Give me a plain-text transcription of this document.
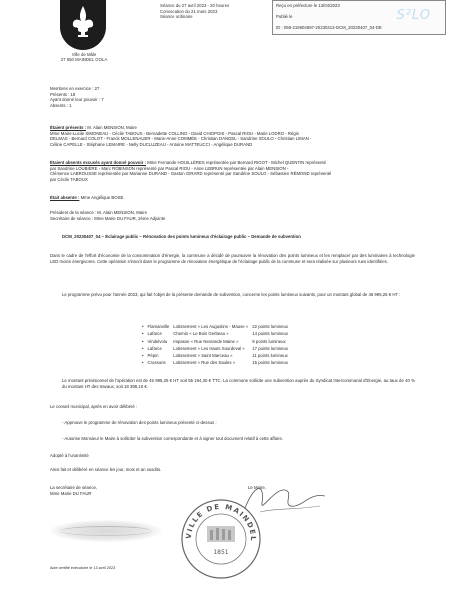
Ville de Mâle
27 650 MAINDEL GOLA
Séance du 27 avril 2023 - 20 heures
Convocation du 21 mars 2023
Séance ordinaire
Reçu en préfecture le 13/04/2023
Publié le
ID : 059-215904897-20230413-DCM_20230407_04-DE
S²LO
Membres en exercice : 27
Présents : 18
Ayant donné leur pouvoir : 7
Absents : 1
Étaient présents : M. Alain MENSION, Maire
Mme Maire-Lucile SIMONEAU - Cécile TABOUX - Bernadette COLLINO - David CHIOPOIS - Pascal RIOU - Marie LODRO - Régis
DELMAS - Bernard COLOT - Franck MOLLENAUER - Marie-Anne COMMÉE - Christian DANGEL - Sandrine SOULO - Christian LIMAN -
Céline CAPELLE - Stéphane LEMAIRE - Nelly DUCLUZEAU - Antoine MATTEUCCI - Angélique DURAND
Étaient absents excusés ayant donné pouvoir : Mme Fernande HOUILLÈRES représentée par Bernard RIGOT - Michel QUENTIN représenté
par Sandrine LOUBIÈRE - Marc ROBINSON représenté par Pascal RIOU - Anne LEBRUN représentée par Alain MENSION -
Clémence LABROUSSE représentée par Marianne DURAND - Gaston GIRARD représenté par Sandrine SOULO - Sébastien RÉMOND représenté
par Cécile TABOUX
Était absente : Mme Angélique BOSE.
Président de la séance : M. Alain MENSION, Maire
Secrétaire de séance : Mme Marie DU FAUR, 2ème Adjointe
DCM_20230407_04 – Éclairage public – Rénovation des points lumineux d'éclairage public – Demande de subvention
Dans le cadre de l'effort d'économie de la consommation d'énergie, la commune a décidé de poursuivre la rénovation des points lumineux et les remplacer par des luminaires à technologie LED moins énergivores. Cette opération s'inscrit dans le programme de rénovation énergétique de l'éclairage public de la commune et sera réalisée sur plusieurs rues identifiées.
Le programme prévu pour l'année 2023, qui fait l'objet de la présente demande de subvention, concerne les points lumineux suivants, pour un montant global de 45 995,25 € HT :
•	Flamanville	Lotissement « Les Augustins - Mauve »	22 points lumineux
•	Lafarce	Chemin « Le Bois Gerbeau »	14 points lumineux
•	Vindelvolu	Impasse « Rue Nevrande Maine »	9 points lumineux
•	Lafarce	Lotissement « Les Hauts Sourdeval »	17 points lumineux
•	Pépin	Lotissement « Saint Marceau »	11 points lumineux
•	Crossons	Lotissement « Rue des Saules »	15 points lumineux
Le montant prévisionnel de l'opération est de 45 995,25 € HT soit 55 194,30 € TTC. La commune sollicite une subvention auprès du Syndicat Intercommunal d'Énergie, au taux de 40 % du montant HT des travaux, soit 18 398,10 €.
Le conseil municipal, après en avoir délibéré :
- Approuve le programme de rénovation des points lumineux présenté ci-dessus ;
- Autorise Monsieur le Maire à solliciter la subvention correspondante et à signer tout document relatif à cette affaire.
Adopté à l'unanimité
Ainsi fait et délibéré en séance les jour, mois et an susdits.
La secrétaire de séance,
Mme Marie DU FAUR
Le Maire,
VILLE DE MAINDEL
1851
Acte certifié exécutoire le 13 avril 2023
